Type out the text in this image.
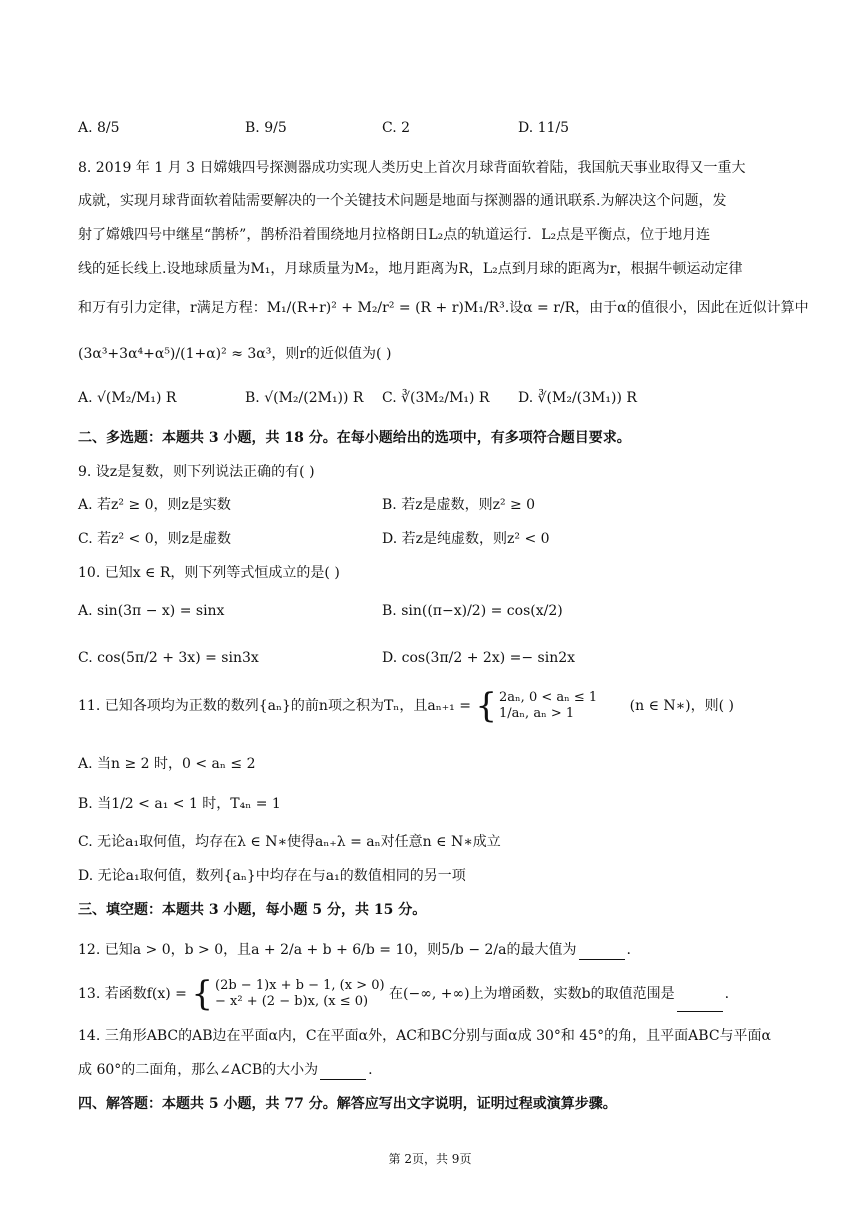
A. 8/5	B. 9/5	C. 2	D. 11/5
8. 2019 年 1 月 3 日嫦娥四号探测器成功实现人类历史上首次月球背面软着陆，我国航天事业取得又一重大
成就，实现月球背面软着陆需要解决的一个关键技术问题是地面与探测器的通讯联系.为解决这个问题，发
射了嫦娥四号中继星“鹊桥”，鹊桥沿着围绕地月拉格朗日L₂点的轨道运行．L₂点是平衡点，位于地月连
线的延长线上.设地球质量为M₁，月球质量为M₂，地月距离为R，L₂点到月球的距离为r，根据牛顿运动定律
和万有引力定律，r满足方程：M₁/(R+r)² + M₂/r² = (R + r)M₁/R³.设α = r/R，由于α的值很小，因此在近似计算中
(3α³+3α⁴+α⁵)/(1+α)² ≈ 3α³，则r的近似值为( )
A. √(M₂/M₁) R	B. √(M₂/(2M₁)) R C. ∛(3M₂/M₁) R D. ∛(M₂/(3M₁)) R
二、多选题：本题共 3 小题，共 18 分。在每小题给出的选项中，有多项符合题目要求。
9. 设z是复数，则下列说法正确的有( )
A. 若z² ≥ 0，则z是实数	B. 若z是虚数，则z² ≥ 0
C. 若z² < 0，则z是虚数	D. 若z是纯虚数，则z² < 0
10. 已知x ∈ R，则下列等式恒成立的是( )
A. sin(3π − x) = sinx	B. sin((π−x)/2) = cos(x/2)
C. cos(5π/2 + 3x) = sin3x	D. cos(3π/2 + 2x) =− sin2x
11. 已知各项均为正数的数列{aₙ}的前n项之积为Tₙ，且aₙ₊₁ = { 2aₙ, 0 < aₙ ≤ 1
1/aₙ, aₙ > 1	(n ∈ N∗)，则( )
A. 当n ≥ 2 时，0 < aₙ ≤ 2
B. 当1/2 < a₁ < 1 时，T₄ₙ = 1
C. 无论a₁取何值，均存在λ ∈ N∗使得aₙ₊λ = aₙ对任意n ∈ N∗成立
D. 无论a₁取何值，数列{aₙ}中均存在与a₁的数值相同的另一项
三、填空题：本题共 3 小题，每小题 5 分，共 15 分。
12. 已知a > 0，b > 0，且a + 2/a + b + 6/b = 10，则5/b − 2/a的最大值为	.
13. 若函数f(x) = { (2b − 1)x + b − 1, (x > 0)
− x² + (2 − b)x, (x ≤ 0)	在(−∞, +∞)上为增函数，实数b的取值范围是	.
14. 三角形ABC的AB边在平面α内，C在平面α外，AC和BC分别与面α成 30°和 45°的角，且平面ABC与平面α
成 60°的二面角，那么∠ACB的大小为	.
四、解答题：本题共 5 小题，共 77 分。解答应写出文字说明，证明过程或演算步骤。
第 2页，共 9页
